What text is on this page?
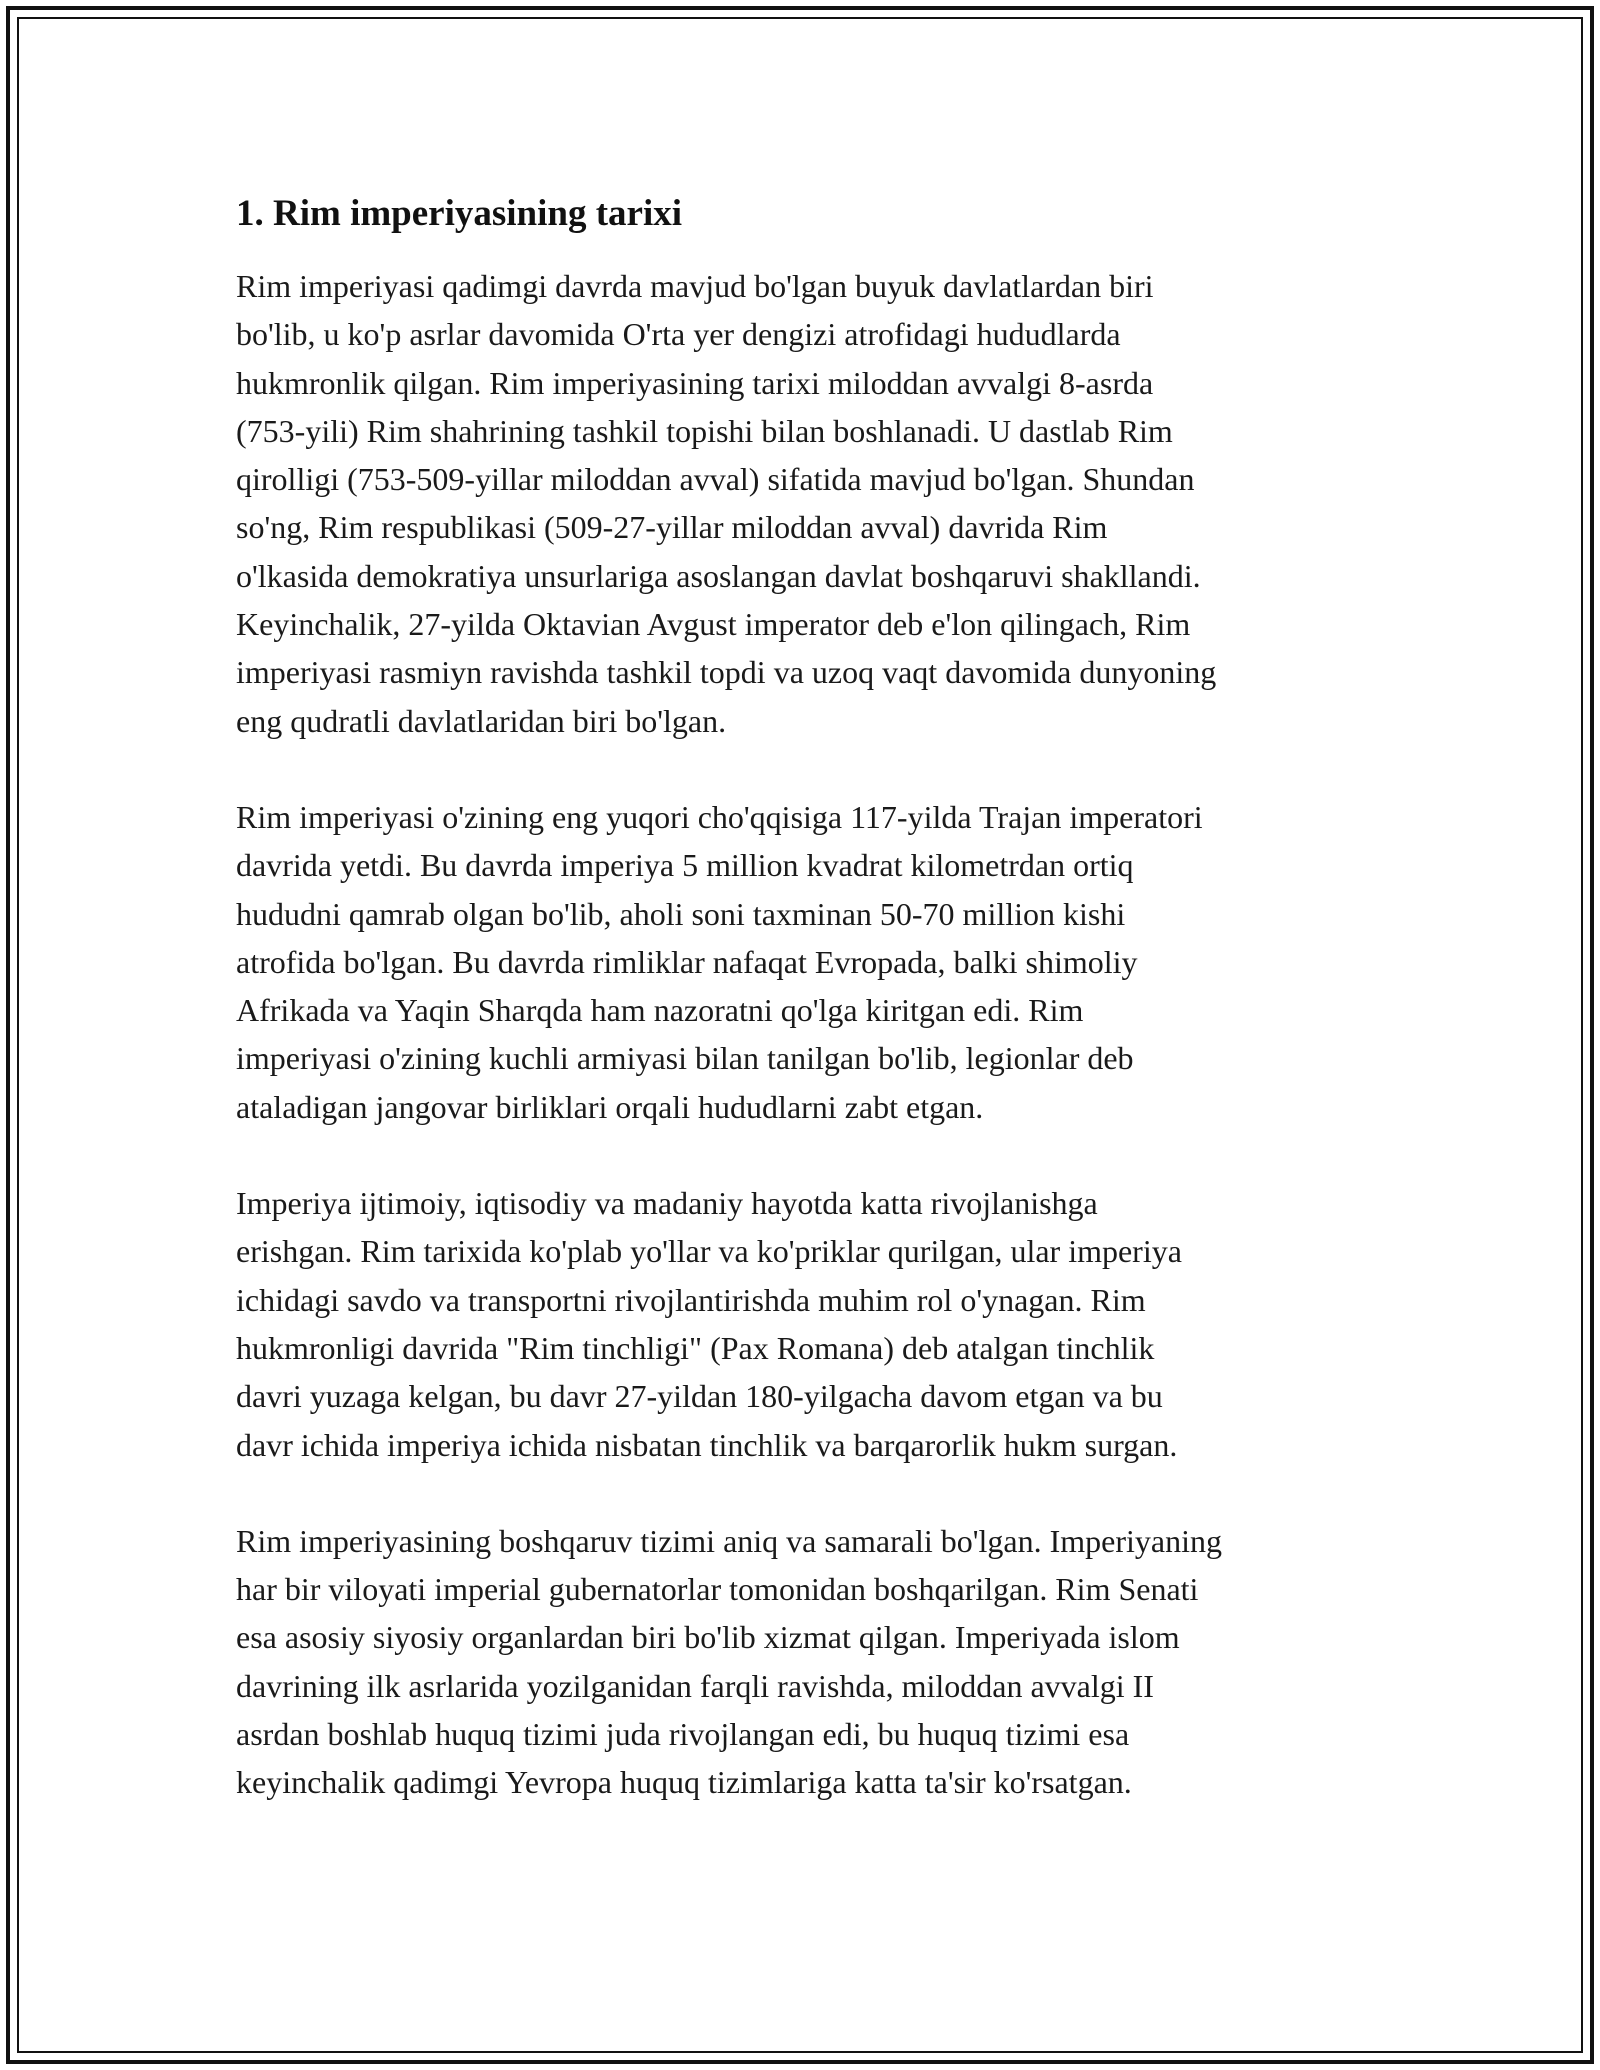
1. Rim imperiyasining tarixi

Rim imperiyasi qadimgi davrda mavjud bo'lgan buyuk davlatlardan biri
bo'lib, u ko'p asrlar davomida O'rta yer dengizi atrofidagi hududlarda
hukmronlik qilgan. Rim imperiyasining tarixi miloddan avvalgi 8-asrda
(753-yili) Rim shahrining tashkil topishi bilan boshlanadi. U dastlab Rim
qirolligi (753-509-yillar miloddan avval) sifatida mavjud bo'lgan. Shundan
so'ng, Rim respublikasi (509-27-yillar miloddan avval) davrida Rim
o'lkasida demokratiya unsurlariga asoslangan davlat boshqaruvi shakllandi.
Keyinchalik, 27-yilda Oktavian Avgust imperator deb e'lon qilingach, Rim
imperiyasi rasmiyn ravishda tashkil topdi va uzoq vaqt davomida dunyoning
eng qudratli davlatlaridan biri bo'lgan.

Rim imperiyasi o'zining eng yuqori cho'qqisiga 117-yilda Trajan imperatori
davrida yetdi. Bu davrda imperiya 5 million kvadrat kilometrdan ortiq
hududni qamrab olgan bo'lib, aholi soni taxminan 50-70 million kishi
atrofida bo'lgan. Bu davrda rimliklar nafaqat Evropada, balki shimoliy
Afrikada va Yaqin Sharqda ham nazoratni qo'lga kiritgan edi. Rim
imperiyasi o'zining kuchli armiyasi bilan tanilgan bo'lib, legionlar deb
ataladigan jangovar birliklari orqali hududlarni zabt etgan.

Imperiya ijtimoiy, iqtisodiy va madaniy hayotda katta rivojlanishga
erishgan. Rim tarixida ko'plab yo'llar va ko'priklar qurilgan, ular imperiya
ichidagi savdo va transportni rivojlantirishda muhim rol o'ynagan. Rim
hukmronligi davrida "Rim tinchligi" (Pax Romana) deb atalgan tinchlik
davri yuzaga kelgan, bu davr 27-yildan 180-yilgacha davom etgan va bu
davr ichida imperiya ichida nisbatan tinchlik va barqarorlik hukm surgan.

Rim imperiyasining boshqaruv tizimi aniq va samarali bo'lgan. Imperiyaning
har bir viloyati imperial gubernatorlar tomonidan boshqarilgan. Rim Senati
esa asosiy siyosiy organlardan biri bo'lib xizmat qilgan. Imperiyada islom
davrining ilk asrlarida yozilganidan farqli ravishda, miloddan avvalgi II
asrdan boshlab huquq tizimi juda rivojlangan edi, bu huquq tizimi esa
keyinchalik qadimgi Yevropa huquq tizimlariga katta ta'sir ko'rsatgan.
